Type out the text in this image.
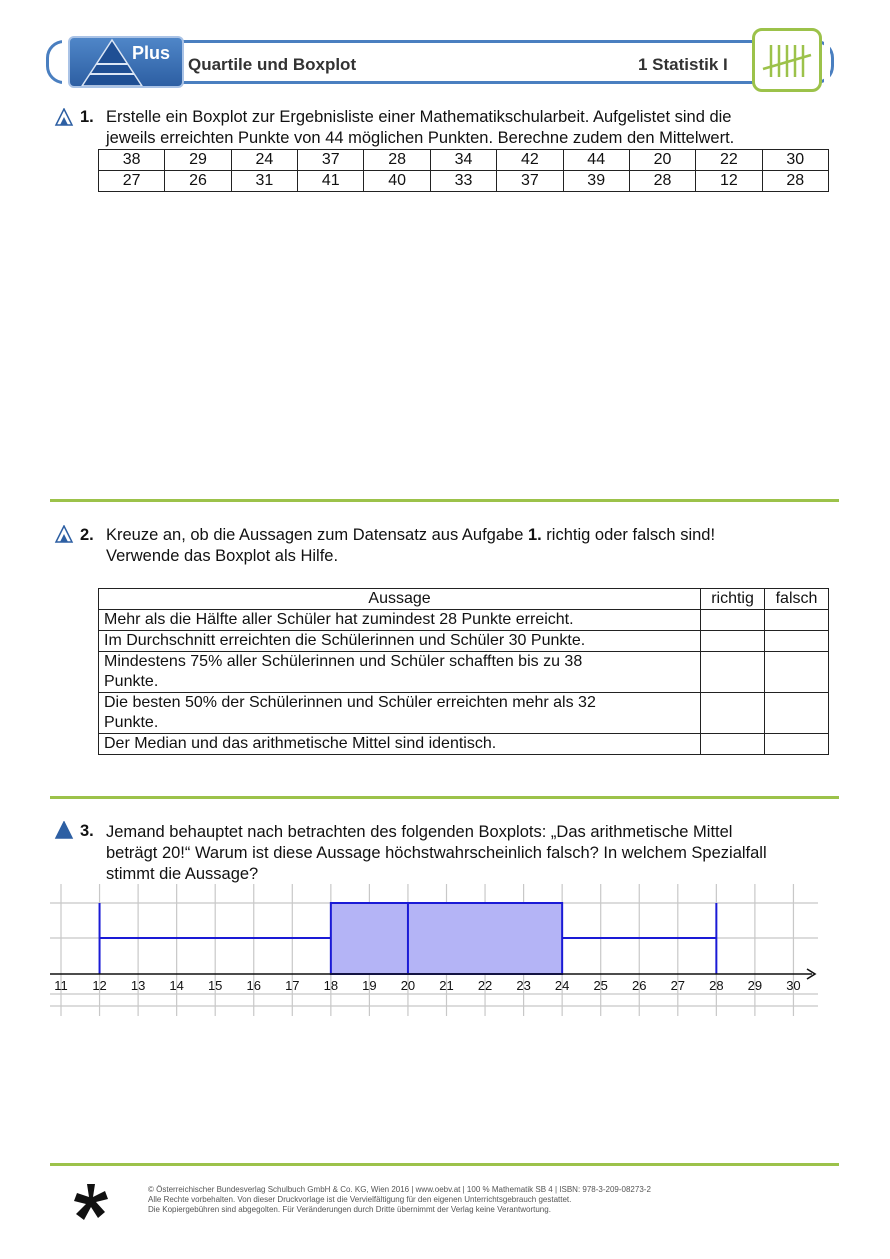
Plus
Quartile und Boxplot	1 Statistik I
1. Erstelle ein Boxplot zur Ergebnisliste einer Mathematikschularbeit. Aufgelistet sind die
jeweils erreichten Punkte von 44 möglichen Punkten. Berechne zudem den Mittelwert.
38	29	24	37	28	34	42	44	20	22	30
27	26	31	41	40	33	37	39	28	12	28
2. Kreuze an, ob die Aussagen zum Datensatz aus Aufgabe 1. richtig oder falsch sind!
Verwende das Boxplot als Hilfe.
Aussage	richtig	falsch
Mehr als die Hälfte aller Schüler hat zumindest 28 Punkte erreicht.		
Im Durchschnitt erreichten die Schülerinnen und Schüler 30 Punkte.		

Mindestens 75% aller Schülerinnen und Schüler schafften bis zu 38
Punkte.		

Die besten 50% der Schülerinnen und Schüler erreichten mehr als 32
Punkte.		

Der Median und das arithmetische Mittel sind identisch.		
3. Jemand behauptet nach betrachten des folgenden Boxplots: „Das arithmetische Mittel
beträgt 20!“ Warum ist diese Aussage höchstwahrscheinlich falsch? In welchem Spezialfall
stimmt die Aussage?
11 12 13 14 15 16 17 18 19 20 21 22 23 24 25 26 27 28 29 30
© Österreichischer Bundesverlag Schulbuch GmbH & Co. KG, Wien 2016 | www.oebv.at | 100 % Mathematik SB 4 | ISBN: 978-3-209-08273-2
Alle Rechte vorbehalten. Von dieser Druckvorlage ist die Vervielfältigung für den eigenen Unterrichtsgebrauch gestattet.
Die Kopiergebühren sind abgegolten. Für Veränderungen durch Dritte übernimmt der Verlag keine Verantwortung.
